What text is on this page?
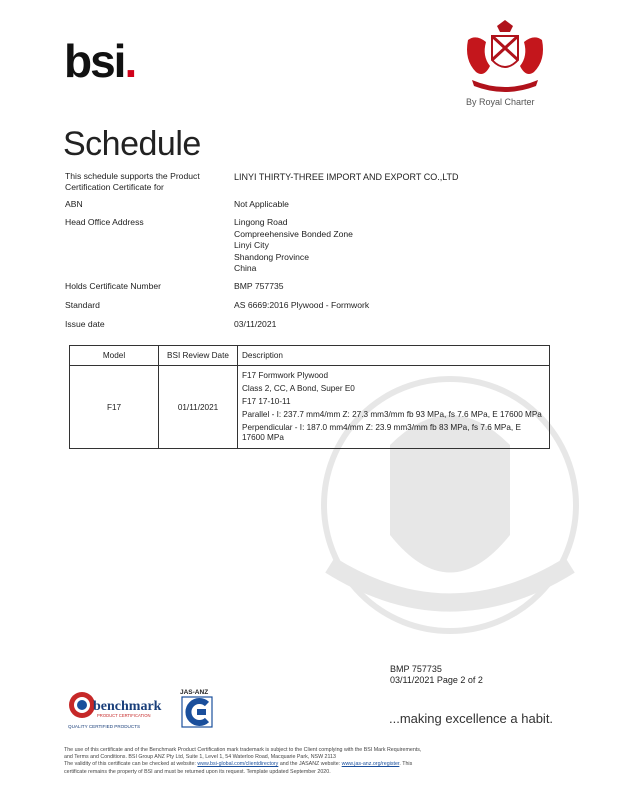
bsi.
By Royal Charter
Schedule
This schedule supports the Product
Certification Certificate for
LINYI THIRTY-THREE IMPORT AND EXPORT CO.,LTD
ABN	Not Applicable
Head Office Address	Lingong Road
Compreehensive Bonded Zone
Linyi City
Shandong Province
China
Holds Certificate Number	BMP 757735
Standard	AS 6669:2016 Plywood - Formwork
Issue date	03/11/2021
Model	BSI Review Date	Description
F17	01/11/2021	F17 Formwork Plywood
Class 2, CC, A Bond, Super E0
F17 17-10-11
Parallel - I: 237.7 mm4/mm Z: 27.3 mm3/mm fb 93 MPa, fs 7.6 MPa, E 17600 MPa
Perpendicular - I: 187.0 mm4/mm Z: 23.9 mm3/mm fb 83 MPa, fs 7.6 MPa, E 17600 MPa
BMP 757735
03/11/2021 Page 2 of 2
...making excellence a habit.
benchmark
PRODUCT CERTIFICATION
QUALITY CERTIFIED PRODUCTS
JAS-ANZ
The use of this certificate and of the Benchmark Product Certification mark trademark is subject to the Client complying with the BSI Mark Requirements,
and Terms and Conditions. BSI Group ANZ Pty Ltd, Suite 1, Level 1, 54 Waterloo Road, Macquarie Park, NSW 2113
The validity of this certificate can be checked at website: www.bsi-global.com/clientdirectory and the JASANZ website: www.jas-anz.org/register. This
certificate remains the property of BSI and must be returned upon its request. Template updated September 2020.
